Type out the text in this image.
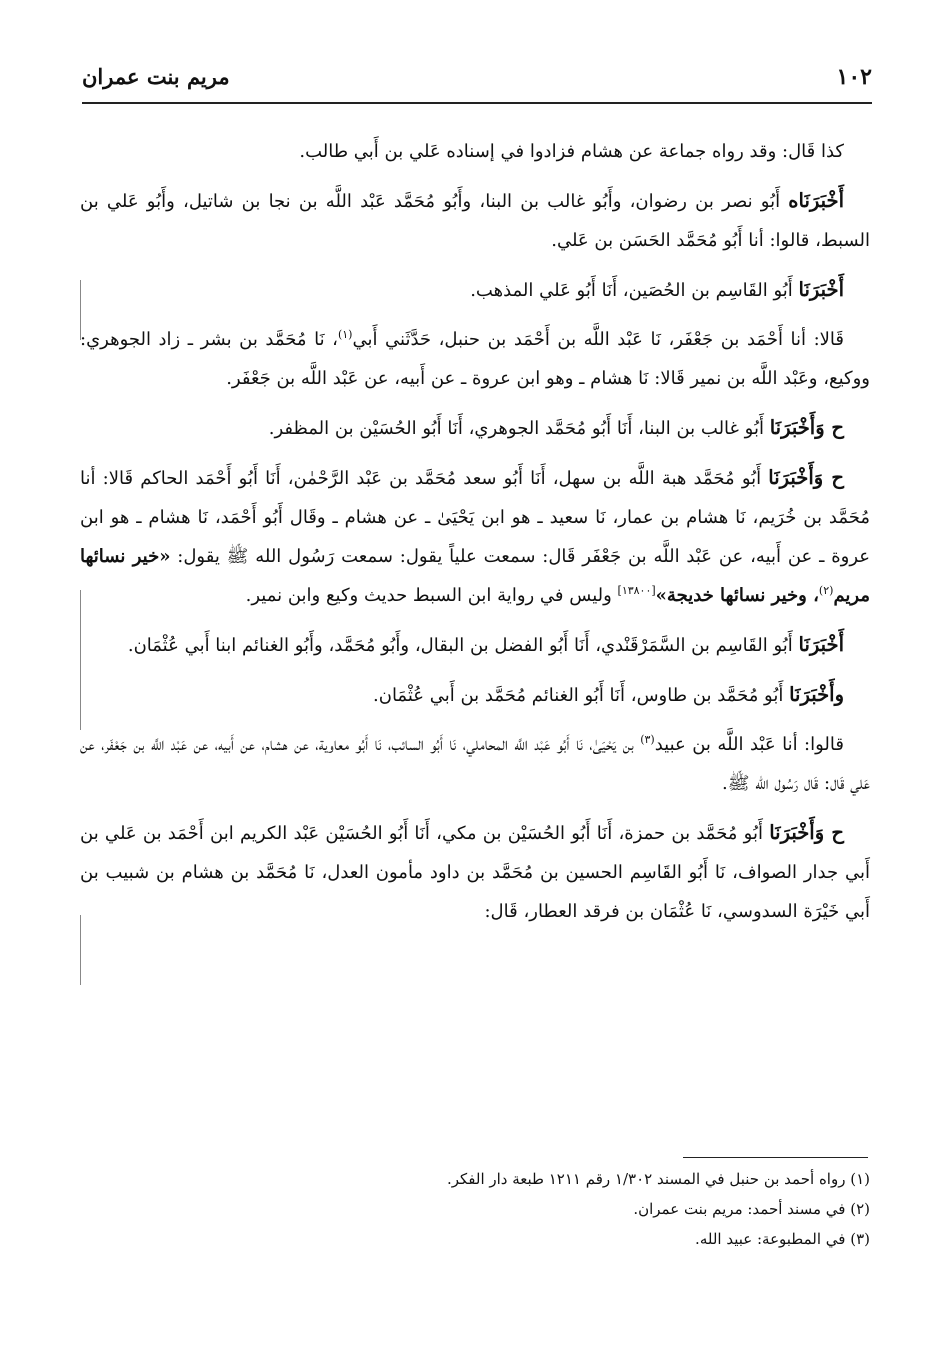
١٠٢
مريم بنت عمران

كذا قَال: وقد رواه جماعة عن هشام فزادوا في إسناده عَلي بن أَبي طالب.

أَخْبَرَنَاه أَبُو نصر بن رضوان، وأَبُو غالب بن البنا، وأَبُو مُحَمَّد عَبْد اللَّه بن نجا بن شاتيل، وأَبُو عَلي بن السبط، قالوا: أنا أَبُو مُحَمَّد الحَسَن بن عَلي.

أَخْبَرَنَا أَبُو القَاسِم بن الحُصَين، أَنَا أَبُو عَلي المذهب.

قَالا: أنا أَحْمَد بن جَعْفَر، نَا عَبْد اللَّه بن أَحْمَد بن حنبل، حَدَّثَني أَبي$^{(١)}$، نَا مُحَمَّد بن بشر ـ زاد الجوهري: ووكيع، وعَبْد اللَّه بن نمير قَالا: نَا هشام ـ وهو ابن عروة ـ عن أَبيه، عن عَبْد اللَّه بن جَعْفَر.

ح وَأَخْبَرَنَا أَبُو غالب بن البنا، أَنَا أَبُو مُحَمَّد الجوهري، أَنَا أَبُو الحُسَيْن بن المظفر.

ح وَأَخْبَرَنَا أَبُو مُحَمَّد هبة اللَّه بن سهل، أَنَا أَبُو سعد مُحَمَّد بن عَبْد الرَّحْمٰن، أَنَا أَبُو أَحْمَد الحاكم قَالا: أنا مُحَمَّد بن خُرَيم، نَا هشام بن عمار، نَا سعيد ـ هو ابن يَحْيَىٰ ـ عن هشام ـ وقَال أَبُو أَحْمَد، نَا هشام ـ هو ابن عروة ـ عن أَبيه، عن عَبْد اللَّه بن جَعْفَر قَال: سمعت علياً يقول: سمعت رَسُول الله ﷺ يقول: «خير نسائها مريم$^{(٢)}$، وخير نسائها خديجة»[١٣٨٠٠] وليس في رواية ابن السبط حديث وكيع وابن نمير.

أَخْبَرَنَا أَبُو القَاسِم بن السَّمَرْقَنْدي، أَنَا أَبُو الفضل بن البقال، وأَبُو مُحَمَّد، وأَبُو الغنائم ابنا أَبي عُثْمَان.

وأَخْبَرَنَا أَبُو مُحَمَّد بن طاوس، أَنَا أَبُو الغنائم مُحَمَّد بن أَبي عُثْمَان.

قالوا: أنا عَبْد اللَّه بن عبيد$^{(٣)}$ بن يَحْيَىٰ، نَا أَبُو عَبْد اللَّه المحاملي، نَا أَبُو السائب، نَا أَبُو معاوية، عن هشام، عن أَبيه، عن عَبْد اللَّه بن جَعْفَر، عن عَلي قَال: قَال رَسُول الله ﷺ.

ح وَأَخْبَرَنَا أَبُو مُحَمَّد بن حمزة، أَنَا أَبُو الحُسَيْن بن مكي، أَنَا أَبُو الحُسَيْن عَبْد الكريم ابن أَحْمَد بن عَلي بن أَبي جدار الصواف، نَا أَبُو القَاسِم الحسين بن مُحَمَّد بن داود مأمون العدل، نَا مُحَمَّد بن هشام بن شبيب بن أَبي خَيْرَة السدوسي، نَا عُثْمَان بن فرقد العطار، قَال:

(١) رواه أحمد بن حنبل في المسند ١/٣٠٢ رقم ١٢١١ طبعة دار الفكر.

(٢) في مسند أحمد: مريم بنت عمران.

(٣) في المطبوعة: عبيد الله.
